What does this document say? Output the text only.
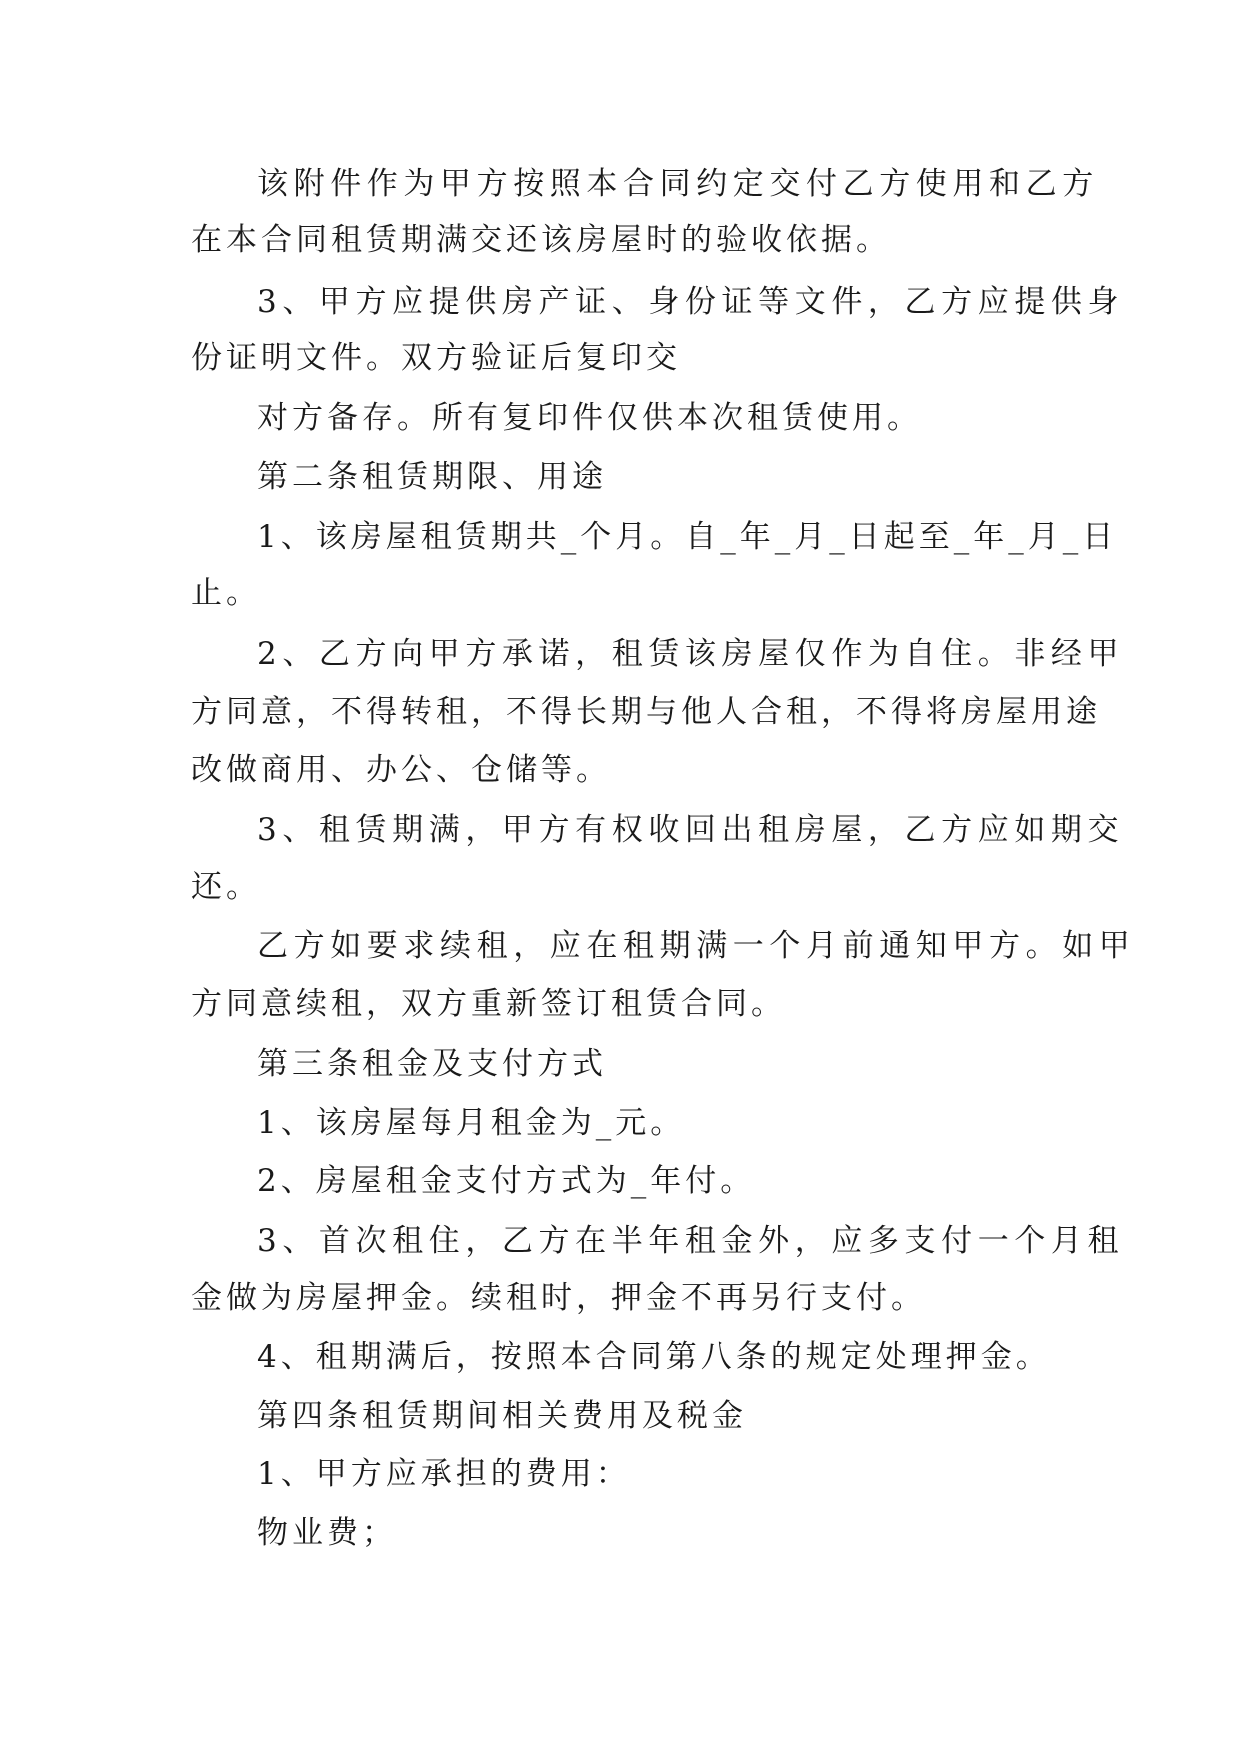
该附件作为甲方按照本合同约定交付乙方使用和乙方

在本合同租赁期满交还该房屋时的验收依据。

3、甲方应提供房产证、身份证等文件，乙方应提供身

份证明文件。双方验证后复印交

对方备存。所有复印件仅供本次租赁使用。

第二条租赁期限、用途

1、该房屋租赁期共_个月。自_年_月_日起至_年_月_日

止。

2、乙方向甲方承诺，租赁该房屋仅作为自住。非经甲

方同意，不得转租，不得长期与他人合租，不得将房屋用途

改做商用、办公、仓储等。

3、租赁期满，甲方有权收回出租房屋，乙方应如期交

还。

乙方如要求续租，应在租期满一个月前通知甲方。如甲

方同意续租，双方重新签订租赁合同。

第三条租金及支付方式

1、该房屋每月租金为_元。

2、房屋租金支付方式为_年付。

3、首次租住，乙方在半年租金外，应多支付一个月租

金做为房屋押金。续租时，押金不再另行支付。

4、租期满后，按照本合同第八条的规定处理押金。

第四条租赁期间相关费用及税金

1、甲方应承担的费用：

物业费；
